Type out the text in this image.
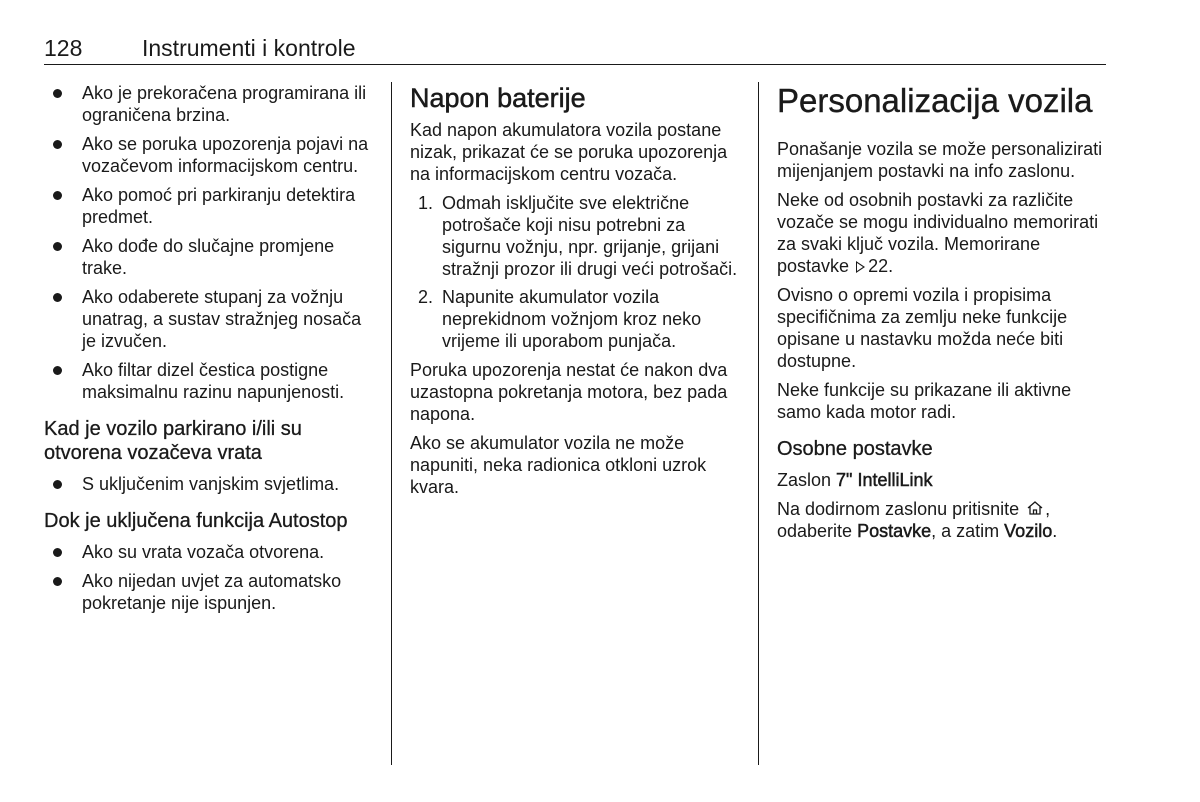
128	Instrumenti i kontrole
Ako je prekoračena programirana ili ograničena brzina.
Ako se poruka upozorenja pojavi na vozačevom informacijskom centru.
Ako pomoć pri parkiranju detektira predmet.
Ako dođe do slučajne promjene trake.
Ako odaberete stupanj za vožnju unatrag, a sustav stražnjeg nosača je izvučen.
Ako filtar dizel čestica postigne maksimalnu razinu napunjenosti.
Kad je vozilo parkirano i/ili su otvorena vozačeva vrata
S uključenim vanjskim svjetlima.
Dok je uključena funkcija Autostop
Ako su vrata vozača otvorena.
Ako nijedan uvjet za automatsko pokretanje nije ispunjen.
Napon baterije

Kad napon akumulatora vozila postane nizak, prikazat će se poruka upozorenja na informacijskom centru vozača.

1. Odmah isključite sve električne potrošače koji nisu potrebni za sigurnu vožnju, npr. grijanje, grijani stražnji prozor ili drugi veći potrošači.
2. Napunite akumulator vozila neprekidnom vožnjom kroz neko vrijeme ili uporabom punjača.

Poruka upozorenja nestat će nakon dva uzastopna pokretanja motora, bez pada napona.

Ako se akumulator vozila ne može napuniti, neka radionica otkloni uzrok kvara.

Personalizacija vozila

Ponašanje vozila se može personalizirati mijenjanjem postavki na info zaslonu.

Neke od osobnih postavki za različite vozače se mogu individualno memorirati za svaki ključ vozila. Memorirane postavke 22.

Ovisno o opremi vozila i propisima specifičnima za zemlju neke funkcije opisane u nastavku možda neće biti dostupne.

Neke funkcije su prikazane ili aktivne samo kada motor radi.

Osobne postavke

Zaslon 7" IntelliLink

Na dodirnom zaslonu pritisnite ,
odaberite Postavke, a zatim Vozilo.
